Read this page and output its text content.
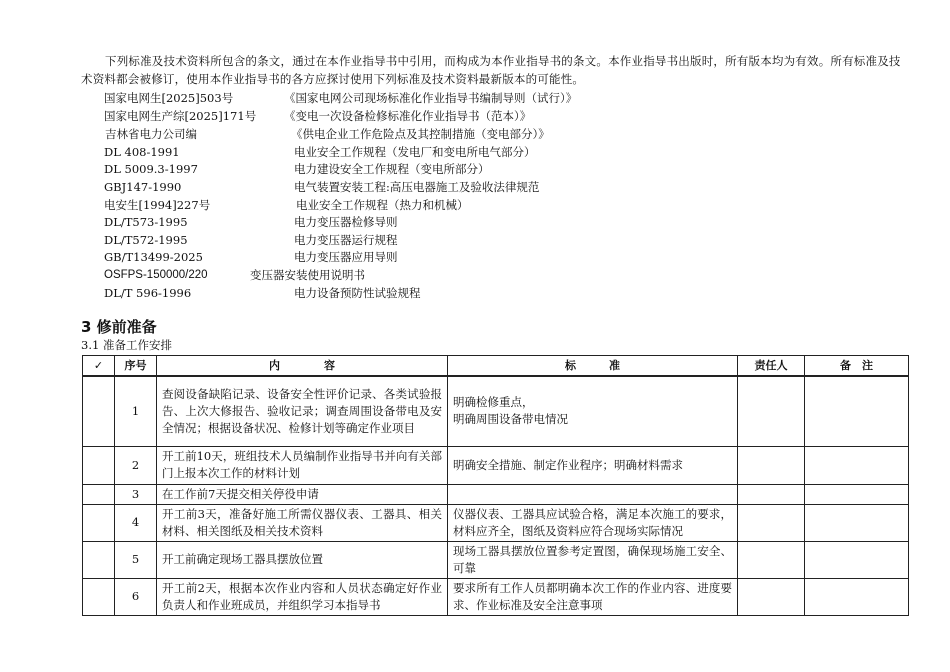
下列标准及技术资料所包含的条文，通过在本作业指导书中引用，而构成为本作业指导书的条文。本作业指导书出版时，所有版本均为有效。所有标准及技术资料都会被修订，使用本作业指导书的各方应探讨使用下列标准及技术资料最新版本的可能性。

国家电网生[2025]503号	《国家电网公司现场标准化作业指导书编制导则（试行）》
国家电网生产综[2025]171号 《变电一次设备检修标准化作业指导书（范本）》
吉林省电力公司编	《供电企业工作危险点及其控制措施（变电部分）》
DL 408-1991	电业安全工作规程（发电厂和变电所电气部分）
DL 5009.3-1997	电力建设安全工作规程（变电所部分）
GBJ147-1990	电气装置安装工程:高压电器施工及验收法律规范
电安生[1994]227号	电业安全工作规程（热力和机械）
DL/T573-1995	电力变压器检修导则
DL/T572-1995	电力变压器运行规程
GB/T13499-2025	电力变压器应用导则
OSFPS-150000/220	变压器安装使用说明书
DL/T 596-1996	电力设备预防性试验规程
3 修前准备
3.1 准备工作安排
✓	序号	内　　　　容	标　　　准	责任人	备　注
	1	查阅设备缺陷记录、设备安全性评价记录、各类试验报告、上次大修报告、验收记录；调查周围设备带电及安全情况；根据设备状况、检修计划等确定作业项目	明确检修重点，
明确周围设备带电情况		
	2	开工前10天，班组技术人员编制作业指导书并向有关部门上报本次工作的材料计划	明确安全措施、制定作业程序；明确材料需求		
	3	在工作前7天提交相关停役申请			
	4	开工前3天，准备好施工所需仪器仪表、工器具、相关材料、相关图纸及相关技术资料	仪器仪表、工器具应试验合格，满足本次施工的要求，材料应齐全，图纸及资料应符合现场实际情况		
	5	开工前确定现场工器具摆放位置	现场工器具摆放位置参考定置图，确保现场施工安全、可靠		
	6	开工前2天，根据本次作业内容和人员状态确定好作业负责人和作业班成员，并组织学习本指导书	要求所有工作人员都明确本次工作的作业内容、进度要求、作业标准及安全注意事项		
